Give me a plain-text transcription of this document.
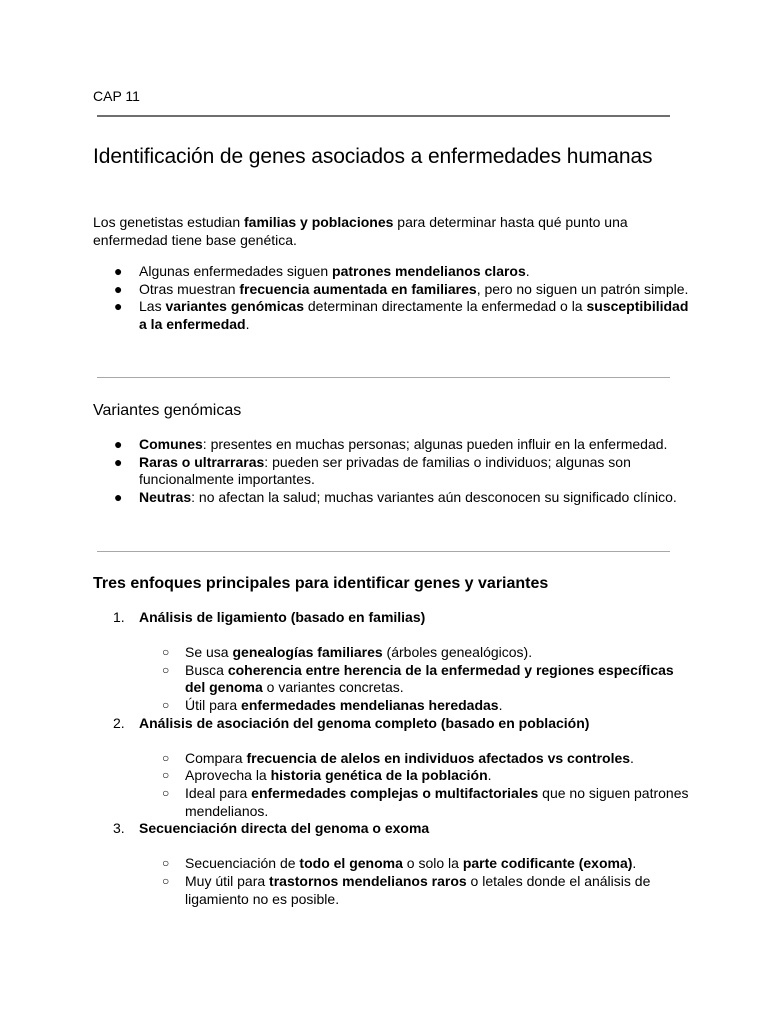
CAP 11
Identificación de genes asociados a enfermedades humanas

Los genetistas estudian familias y poblaciones para determinar hasta qué punto una enfermedad tiene base genética.

●	Algunas enfermedades siguen patrones mendelianos claros.
●	Otras muestran frecuencia aumentada en familiares, pero no siguen un patrón simple.
●	Las variantes genómicas determinan directamente la enfermedad o la susceptibilidad a la enfermedad.
Variantes genómicas
●	Comunes: presentes en muchas personas; algunas pueden influir en la enfermedad.
●	Raras o ultrarraras: pueden ser privadas de familias o individuos; algunas son funcionalmente importantes.
●	Neutras: no afectan la salud; muchas variantes aún desconocen su significado clínico.
Tres enfoques principales para identificar genes y variantes
1.	Análisis de ligamiento (basado en familias)
○	Se usa genealogías familiares (árboles genealógicos).
○	Busca coherencia entre herencia de la enfermedad y regiones específicas del genoma o variantes concretas.
○	Útil para enfermedades mendelianas heredadas.
2.	Análisis de asociación del genoma completo (basado en población)
○	Compara frecuencia de alelos en individuos afectados vs controles.
○	Aprovecha la historia genética de la población.
○	Ideal para enfermedades complejas o multifactoriales que no siguen patrones mendelianos.
3.	Secuenciación directa del genoma o exoma
○	Secuenciación de todo el genoma o solo la parte codificante (exoma).
○	Muy útil para trastornos mendelianos raros o letales donde el análisis de ligamiento no es posible.
